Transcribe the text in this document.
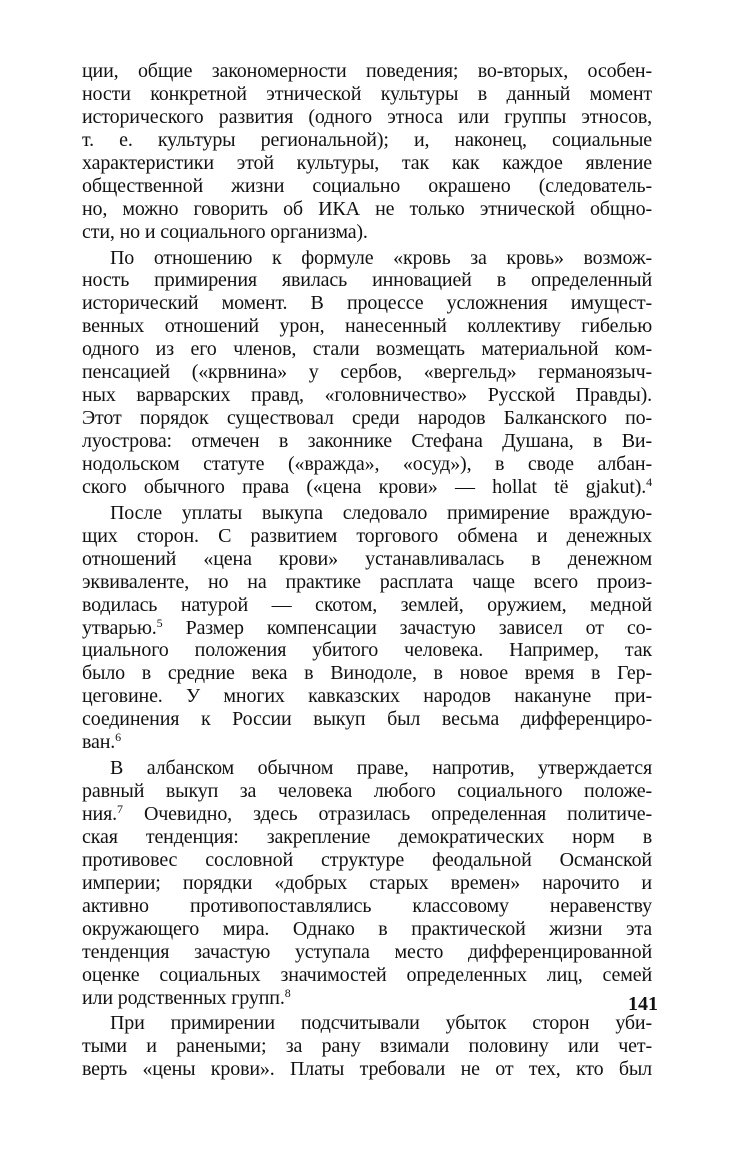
ции, общие закономерности поведения; во-вторых, особен-
ности конкретной этнической культуры в данный момент
исторического развития (одного этноса или группы этносов,
т. е. культуры региональной); и, наконец, социальные
характеристики этой культуры, так как каждое явление
общественной жизни социально окрашено (следователь-
но, можно говорить об ИКА не только этнической общно-
сти, но и социального организма).
По отношению к формуле «кровь за кровь» возмож-
ность примирения явилась инновацией в определенный
исторический момент. В процессе усложнения имущест-
венных отношений урон, нанесенный коллективу гибелью
одного из его членов, стали возмещать материальной ком-
пенсацией («крвнина» у сербов, «вергельд» германоязыч-
ных варварских правд, «головничество» Русской Правды).
Этот порядок существовал среди народов Балканского по-
луострова: отмечен в законнике Стефана Душана, в Ви-
нодольском статуте («вражда», «осуд»), в своде албан-
ского обычного права («цена крови» — hollat të gjakut).$^4$
После уплаты выкупа следовало примирение враждую-
щих сторон. С развитием торгового обмена и денежных
отношений «цена крови» устанавливалась в денежном
эквиваленте, но на практике расплата чаще всего произ-
водилась натурой — скотом, землей, оружием, медной
утварью.$^5$ Размер компенсации зачастую зависел от со-
циального положения убитого человека. Например, так
было в средние века в Винодоле, в новое время в Гер-
цеговине. У многих кавказских народов накануне при-
соединения к России выкуп был весьма дифференциро-
ван.$^6$
В албанском обычном праве, напротив, утверждается
равный выкуп за человека любого социального положе-
ния.$^7$ Очевидно, здесь отразилась определенная политиче-
ская тенденция: закрепление демократических норм в
противовес сословной структуре феодальной Османской
империи; порядки «добрых старых времен» нарочито и
активно противопоставлялись классовому неравенству
окружающего мира. Однако в практической жизни эта
тенденция зачастую уступала место дифференцированной
оценке социальных значимостей определенных лиц, семей
или родственных групп.$^8$
При примирении подсчитывали убыток сторон уби-
тыми и ранеными; за рану взимали половину или чет-
верть «цены крови». Платы требовали не от тех, кто был
141
